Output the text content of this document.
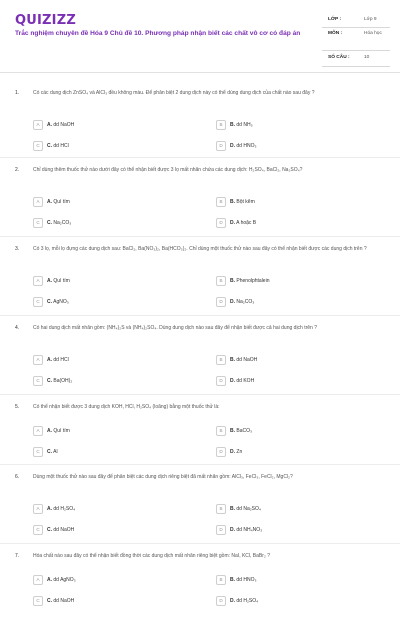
QUIZIZZ
Trắc nghiệm chuyên đề Hóa 9 Chủ đề 10. Phương pháp nhận biết các chất vô cơ có đáp án
LỚP :	Lớp 9
MÔN :	Hóa học
SỐ CÂU :	10
1.	Có các dung dịch ZnSO₄ và AlCl₃ đều không màu. Để phân biệt 2 dung dịch này có thể dùng dung dịch của chất nào sau đây ?
A	A. dd NaOH	B	B. dd NH₃
C	C. dd HCl	D	D. dd HNO₃
2.	Chỉ dùng thêm thuốc thử nào dưới đây có thể nhận biết được 3 lọ mất nhãn chứa các dung dịch: H₂SO₄, BaCl₂, Na₂SO₄?
A	A. Quì tím	B	B. Bột kẽm
C	C. Na₂CO₃	D	D. A hoặc B
3.	Có 3 lọ, mỗi lọ đựng các dung dịch sau: BaCl₂, Ba(NO₃)₂, Ba(HCO₃)₂. Chỉ dùng một thuốc thử nào sau đây có thể nhận biết được các dung dịch trên ?
A	A. Quì tím	B	B. Phenolphtalein
C	C. AgNO₃	D	D. Na₂CO₃
4.	Có hai dung dịch mất nhãn gồm: (NH₄)₂S và (NH₄)₂SO₄. Dùng dung dịch nào sau đây để nhận biết được cả hai dung dịch trên ?
A	A. dd HCl	B	B. dd NaOH
C	C. Ba(OH)₂	D	D. dd KOH
5.	Có thể nhận biết được 3 dung dịch KOH, HCl, H₂SO₄ (loãng) bằng một thuốc thử là:
A	A. Quì tím	B	B. BaCO₃
C	C. Al	D	D. Zn
6.	Dùng một thuốc thử nào sau đây để phân biệt các dung dịch riêng biệt đã mất nhãn gồm: AlCl₃, FeCl₃, FeCl₂, MgCl₂?
A	A. dd H₂SO₄	B	B. dd Na₂SO₄
C	C. dd NaOH	D	D. dd NH₄NO₃
7.	Hóa chất nào sau đây có thể nhận biết đồng thời các dung dịch mất nhãn riêng biệt gồm: NaI, KCl, BaBr₂ ?
A	A. dd AgNO₃	B	B. dd HNO₃
C	C. dd NaOH	D	D. dd H₂SO₄
